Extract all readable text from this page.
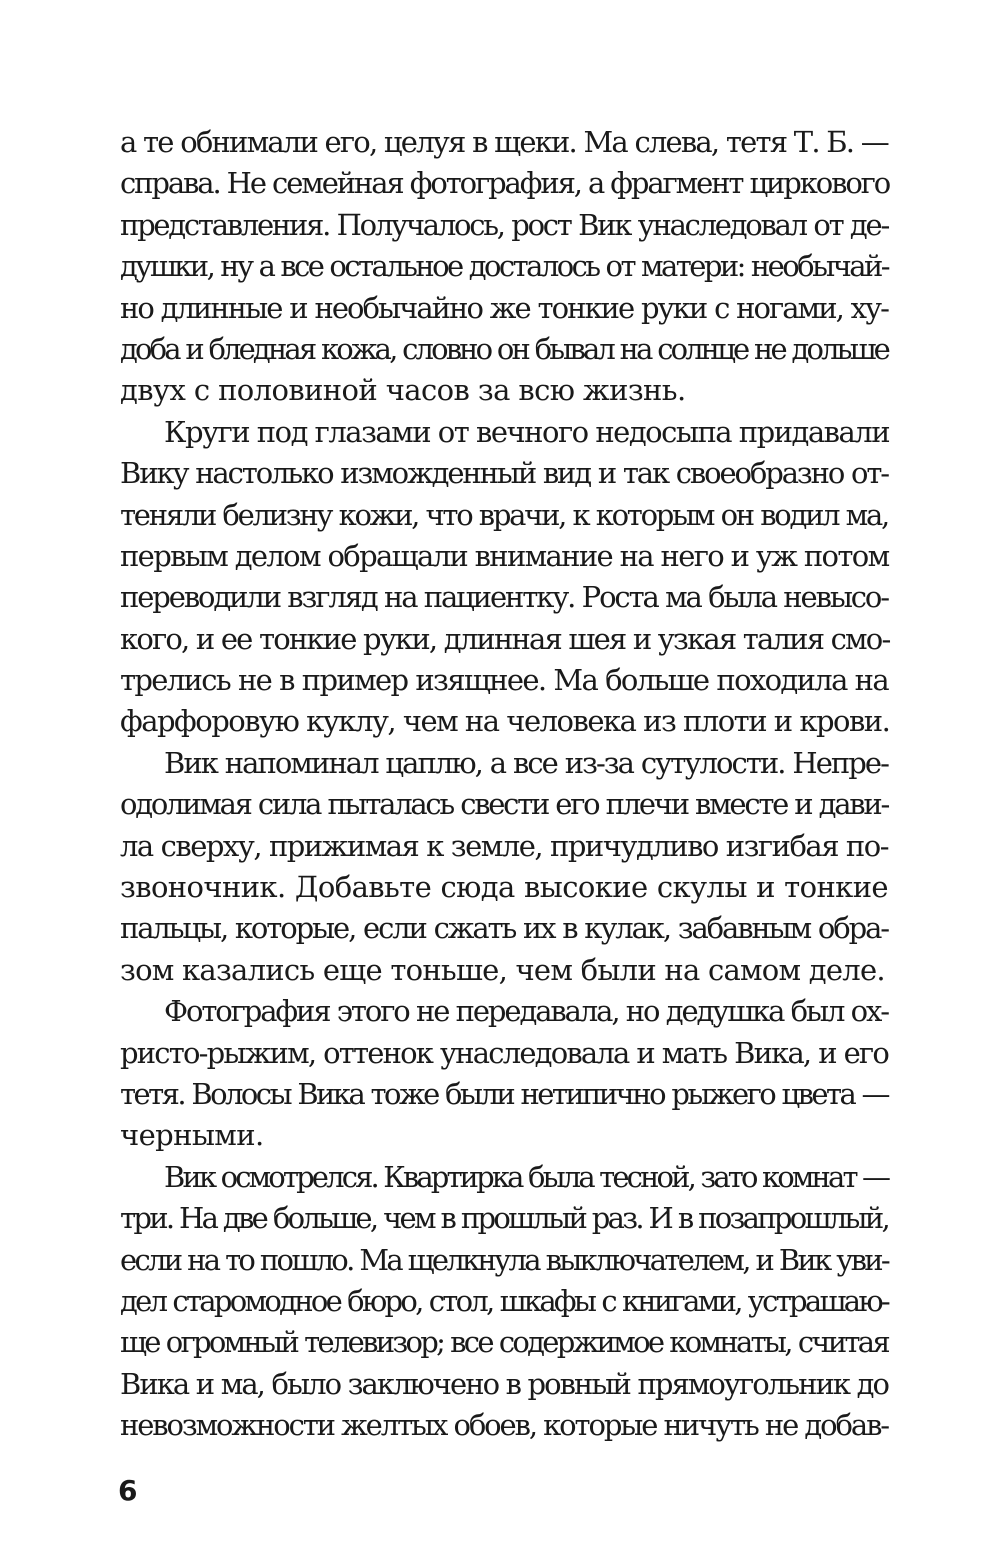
а те обнимали его, целуя в щеки. Ма слева, тетя Т. Б. —
справа. Не семейная фотография, а фрагмент циркового
представления. Получалось, рост Вик унаследовал от де-
душки, ну а все остальное досталось от матери: необычай-
но длинные и необычайно же тонкие руки с ногами, ху-
доба и бледная кожа, словно он бывал на солнце не дольше
двух с половиной часов за всю жизнь.
Круги под глазами от вечного недосыпа придавали
Вику настолько изможденный вид и так своеобразно от-
теняли белизну кожи, что врачи, к которым он водил ма,
первым делом обращали внимание на него и уж потом
переводили взгляд на пациентку. Роста ма была невысо-
кого, и ее тонкие руки, длинная шея и узкая талия смо-
трелись не в пример изящнее. Ма больше походила на
фарфоровую куклу, чем на человека из плоти и крови.
Вик напоминал цаплю, а все из-за сутулости. Непре-
одолимая сила пыталась свести его плечи вместе и дави-
ла сверху, прижимая к земле, причудливо изгибая по-
звоночник. Добавьте сюда высокие скулы и тонкие
пальцы, которые, если сжать их в кулак, забавным обра-
зом казались еще тоньше, чем были на самом деле.
Фотография этого не передавала, но дедушка был ох-
ристо-рыжим, оттенок унаследовала и мать Вика, и его
тетя. Волосы Вика тоже были нетипично рыжего цвета —
черными.
Вик осмотрелся. Квартирка была тесной, зато комнат —
три. На две больше, чем в прошлый раз. И в позапрошлый,
если на то пошло. Ма щелкнула выключателем, и Вик уви-
дел старомодное бюро, стол, шкафы с книгами, устрашаю-
ще огромный телевизор; все содержимое комнаты, считая
Вика и ма, было заключено в ровный прямоугольник до
невозможности желтых обоев, которые ничуть не добав-
6
